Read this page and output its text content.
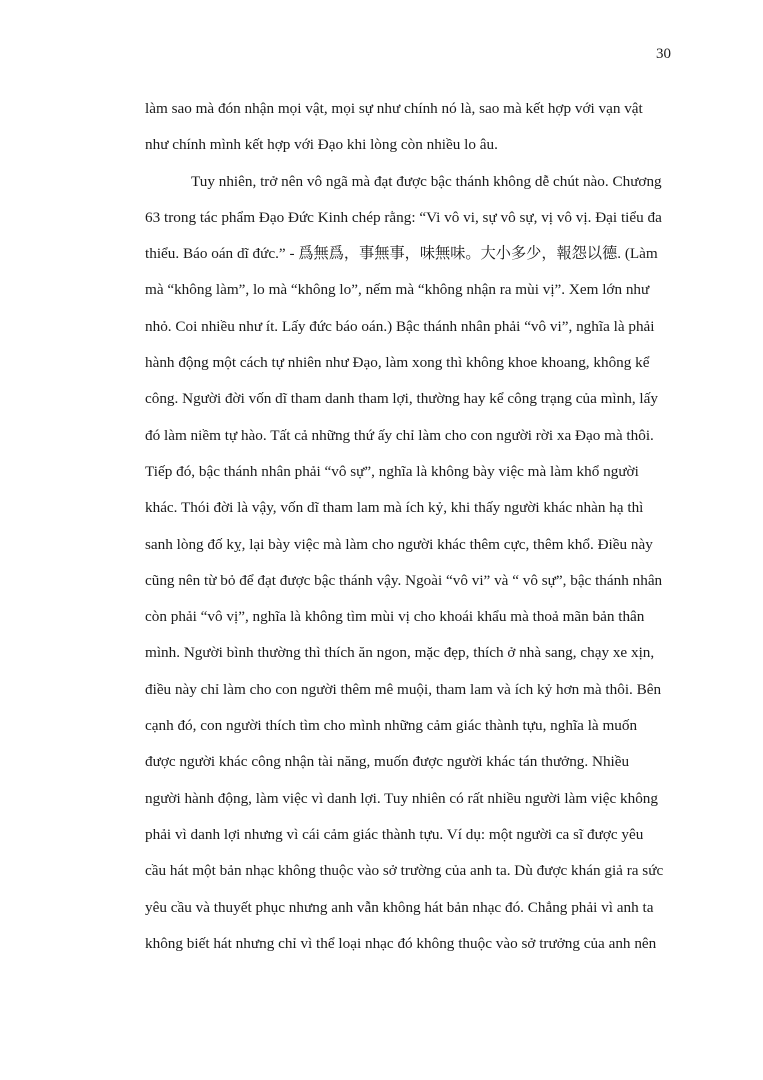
30
làm sao mà đón nhận mọi vật, mọi sự như chính nó là, sao mà kết hợp với vạn vật
như chính mình kết hợp với Đạo khi lòng còn nhiều lo âu.
Tuy nhiên, trở nên vô ngã mà đạt được bậc thánh không dễ chút nào. Chương
63 trong tác phẩm Đạo Đức Kinh chép rằng: “Vi vô vi, sự vô sự, vị vô vị. Đại tiểu đa
thiểu. Báo oán dĩ đức.” - 爲無爲，事無事，味無味。大小多少，報怨以德. (Làm
mà “không làm”, lo mà “không lo”, nếm mà “không nhận ra mùi vị”. Xem lớn như
nhỏ. Coi nhiều như ít. Lấy đức báo oán.) Bậc thánh nhân phải “vô vi”, nghĩa là phải
hành động một cách tự nhiên như Đạo, làm xong thì không khoe khoang, không kể
công. Người đời vốn dĩ tham danh tham lợi, thường hay kể công trạng của mình, lấy
đó làm niềm tự hào. Tất cả những thứ ấy chỉ làm cho con người rời xa Đạo mà thôi.
Tiếp đó, bậc thánh nhân phải “vô sự”, nghĩa là không bày việc mà làm khổ người
khác. Thói đời là vậy, vốn dĩ tham lam mà ích kỷ, khi thấy người khác nhàn hạ thì
sanh lòng đố kỵ, lại bày việc mà làm cho người khác thêm cực, thêm khổ. Điều này
cũng nên từ bỏ để đạt được bậc thánh vậy. Ngoài “vô vi” và “ vô sự”, bậc thánh nhân
còn phải “vô vị”, nghĩa là không tìm mùi vị cho khoái khẩu mà thoả mãn bản thân
mình. Người bình thường thì thích ăn ngon, mặc đẹp, thích ở nhà sang, chạy xe xịn,
điều này chỉ làm cho con người thêm mê muội, tham lam và ích kỷ hơn mà thôi. Bên
cạnh đó, con người thích tìm cho mình những cảm giác thành tựu, nghĩa là muốn
được người khác công nhận tài năng, muốn được người khác tán thưởng. Nhiều
người hành động, làm việc vì danh lợi. Tuy nhiên có rất nhiều người làm việc không
phải vì danh lợi nhưng vì cái cảm giác thành tựu. Ví dụ: một người ca sĩ được yêu
cầu hát một bản nhạc không thuộc vào sở trường của anh ta. Dù được khán giả ra sức
yêu cầu và thuyết phục nhưng anh vẫn không hát bản nhạc đó. Chẳng phải vì anh ta
không biết hát nhưng chỉ vì thể loại nhạc đó không thuộc vào sở trưởng của anh nên
